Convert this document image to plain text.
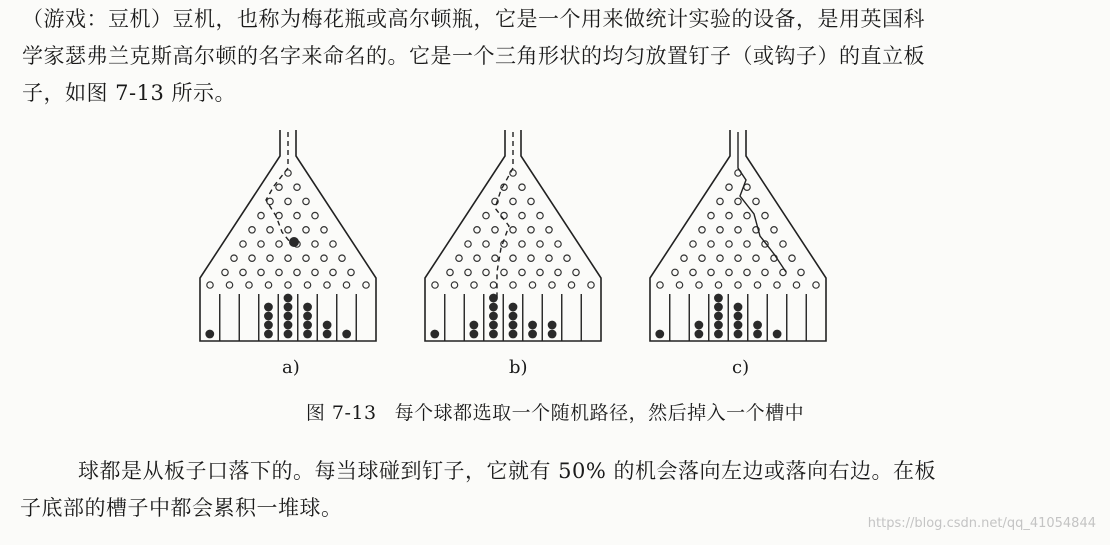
（游戏：豆机）豆机，也称为梅花瓶或高尔顿瓶，它是一个用来做统计实验的设备，是用英国科
学家瑟弗兰克斯高尔顿的名字来命名的。它是一个三角形状的均匀放置钉子（或钩子）的直立板
子，如图 7-13 所示。

a)	b)	c)
图 7-13 每个球都选取一个随机路径，然后掉入一个槽中

球都是从板子口落下的。每当球碰到钉子，它就有 50% 的机会落向左边或落向右边。在板
子底部的槽子中都会累积一堆球。

https://blog.csdn.net/qq_41054844
